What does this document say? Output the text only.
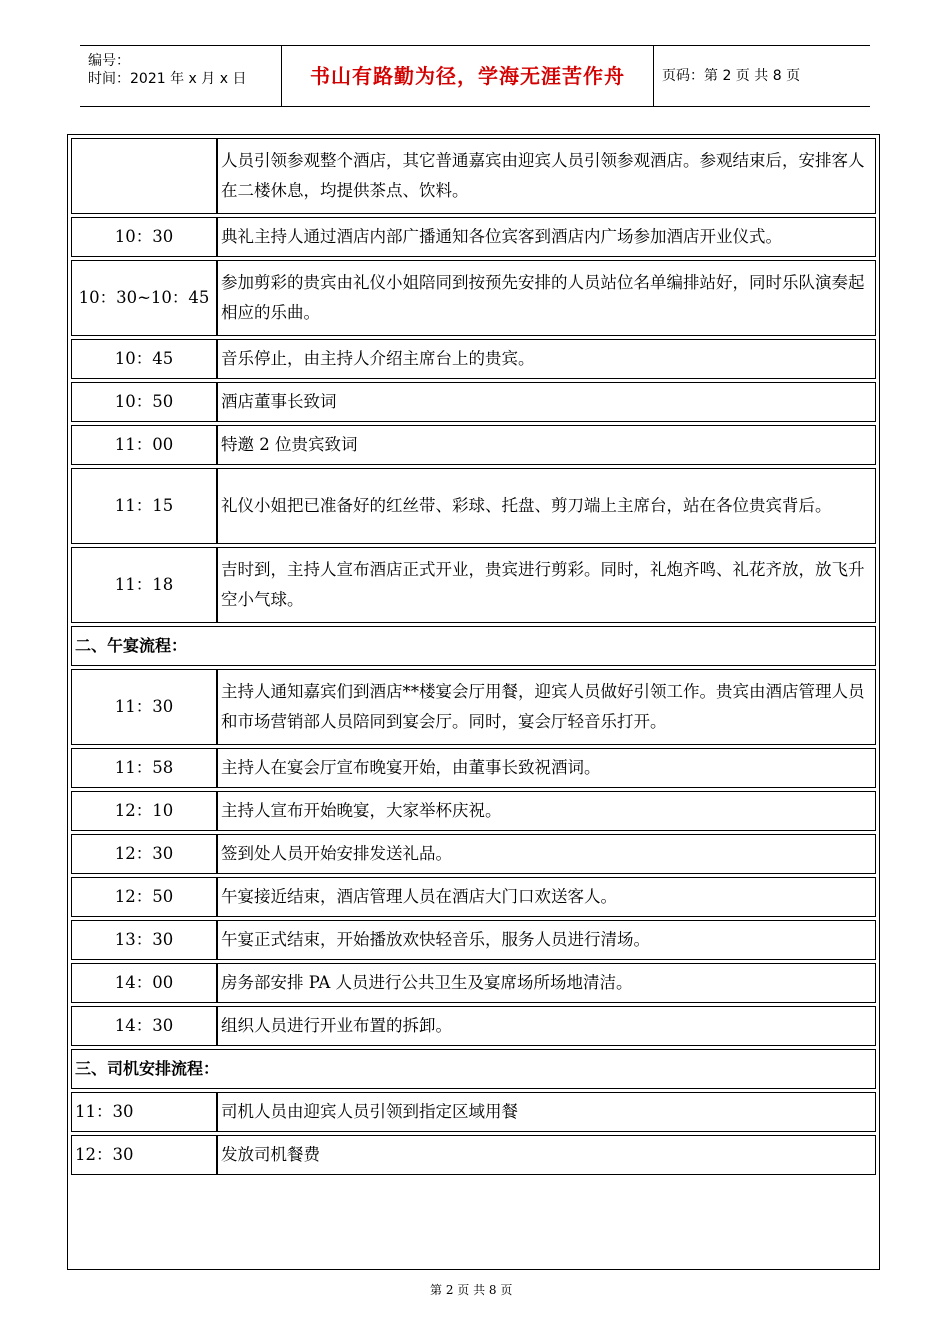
编号：
时间：2021 年 x 月 x 日	书山有路勤为径，学海无涯苦作舟	页码：第 2 页 共 8 页
	人员引领参观整个酒店，其它普通嘉宾由迎宾人员引领参观酒店。参观结束后，安排客人在二楼休息，均提供茶点、饮料。

10：30	典礼主持人通过酒店内部广播通知各位宾客到酒店内广场参加酒店开业仪式。

10：30~10：45	参加剪彩的贵宾由礼仪小姐陪同到按预先安排的人员站位名单编排站好，同时乐队演奏起相应的乐曲。

10：45	音乐停止，由主持人介绍主席台上的贵宾。

10：50	酒店董事长致词

11：00	特邀 2 位贵宾致词

11：15	礼仪小姐把已准备好的红丝带、彩球、托盘、剪刀端上主席台，站在各位贵宾背后。

11：18	吉时到，主持人宣布酒店正式开业，贵宾进行剪彩。同时，礼炮齐鸣、礼花齐放，放飞升空小气球。

二、午宴流程：	

11：30	主持人通知嘉宾们到酒店**楼宴会厅用餐，迎宾人员做好引领工作。贵宾由酒店管理人员和市场营销部人员陪同到宴会厅。同时，宴会厅轻音乐打开。

11：58	主持人在宴会厅宣布晚宴开始，由董事长致祝酒词。

12：10	主持人宣布开始晚宴，大家举杯庆祝。

12：30	签到处人员开始安排发送礼品。

12：50	午宴接近结束，酒店管理人员在酒店大门口欢送客人。

13：30	午宴正式结束，开始播放欢快轻音乐，服务人员进行清场。

14：00	房务部安排 PA 人员进行公共卫生及宴席场所场地清洁。

14：30	组织人员进行开业布置的拆卸。

三、司机安排流程：	

11：30	司机人员由迎宾人员引领到指定区域用餐

12：30	发放司机餐费
第 2 页 共 8 页
